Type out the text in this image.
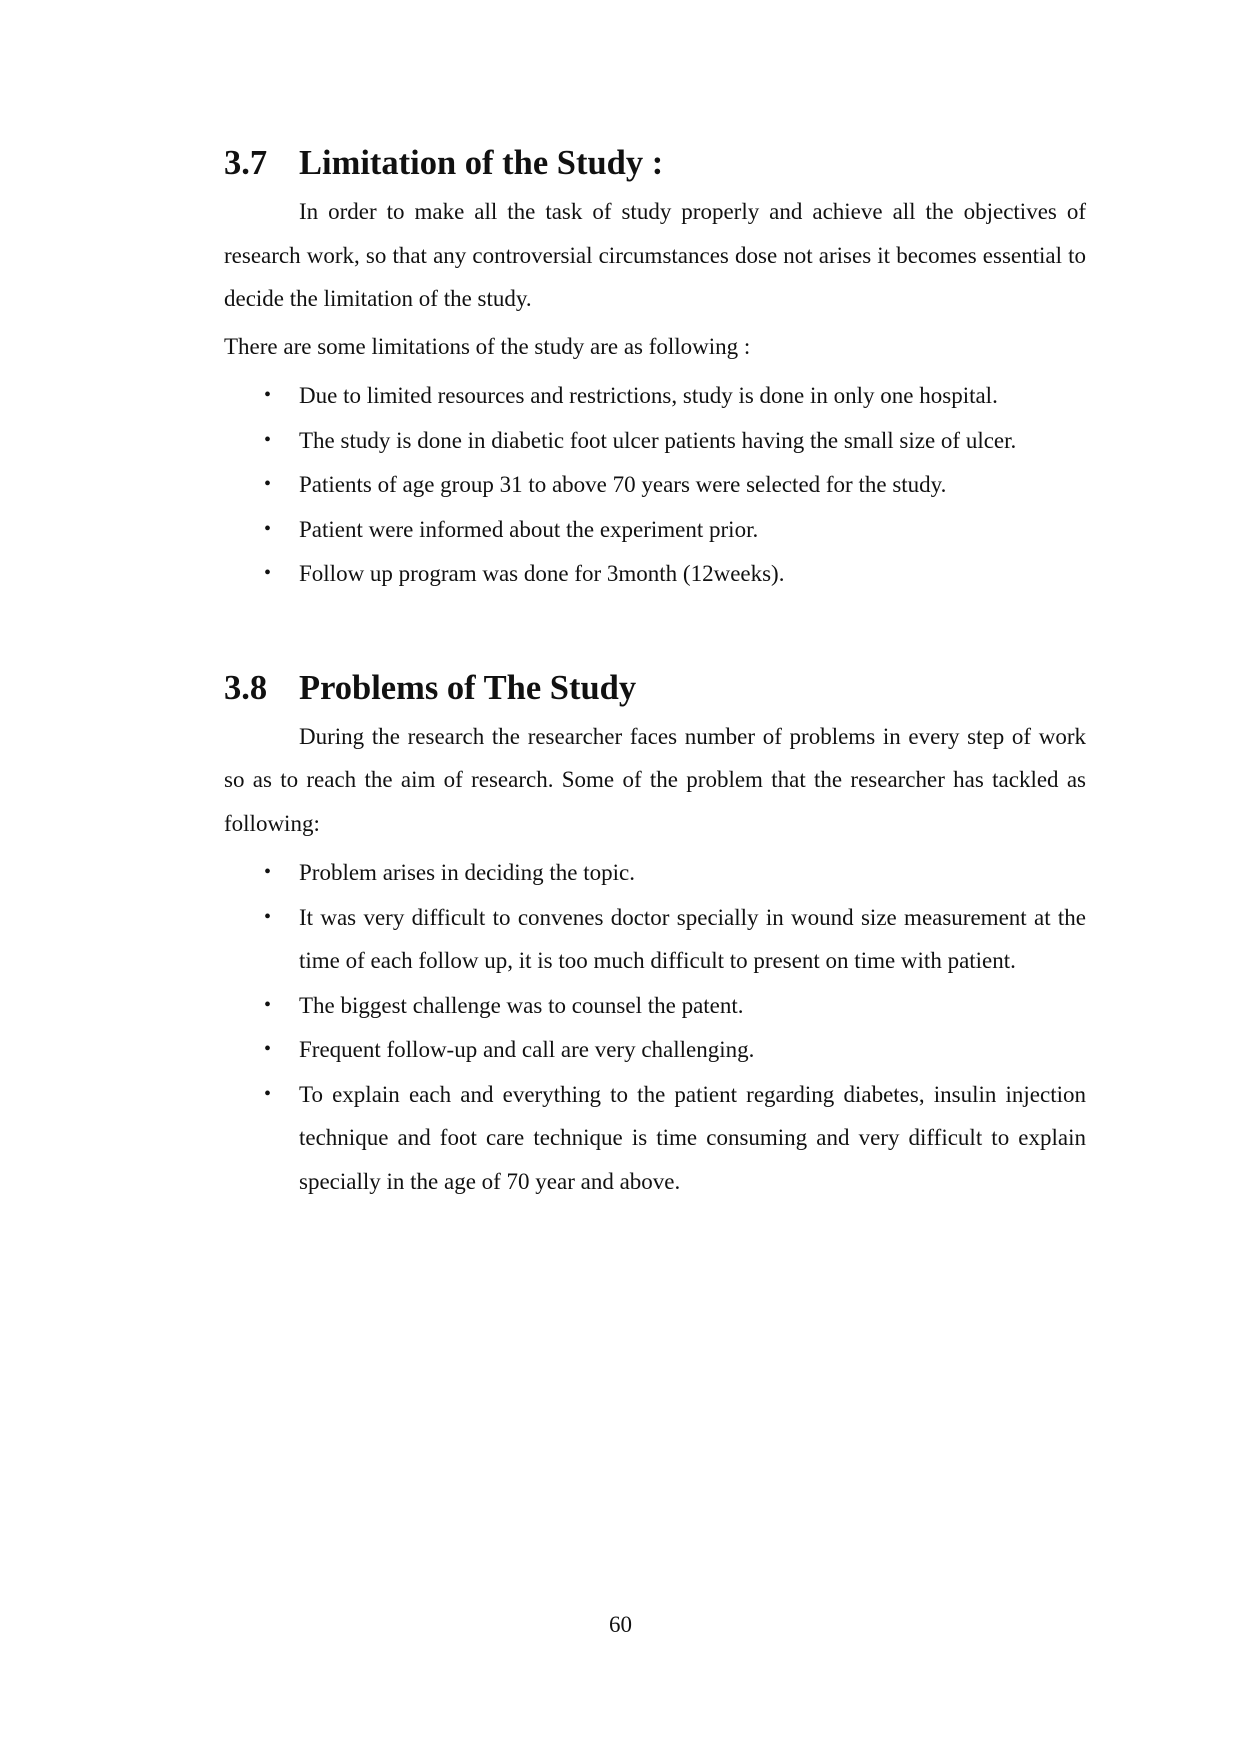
3.7 Limitation of the Study :

In order to make all the task of study properly and achieve all the objectives of research work, so that any controversial circumstances dose not arises it becomes essential to decide the limitation of the study.

There are some limitations of the study are as following :

• Due to limited resources and restrictions, study is done in only one hospital.
• The study is done in diabetic foot ulcer patients having the small size of ulcer.
• Patients of age group 31 to above 70 years were selected for the study.
• Patient were informed about the experiment prior.
• Follow up program was done for 3month (12weeks).
3.8 Problems of The Study

During the research the researcher faces number of problems in every step of work so as to reach the aim of research. Some of the problem that the researcher has tackled as following:

• Problem arises in deciding the topic.
• It was very difficult to convenes doctor specially in wound size measurement at the time of each follow up, it is too much difficult to present on time with patient.
• The biggest challenge was to counsel the patent.
• Frequent follow-up and call are very challenging.
• To explain each and everything to the patient regarding diabetes, insulin injection technique and foot care technique is time consuming and very difficult to explain specially in the age of 70 year and above.
60
